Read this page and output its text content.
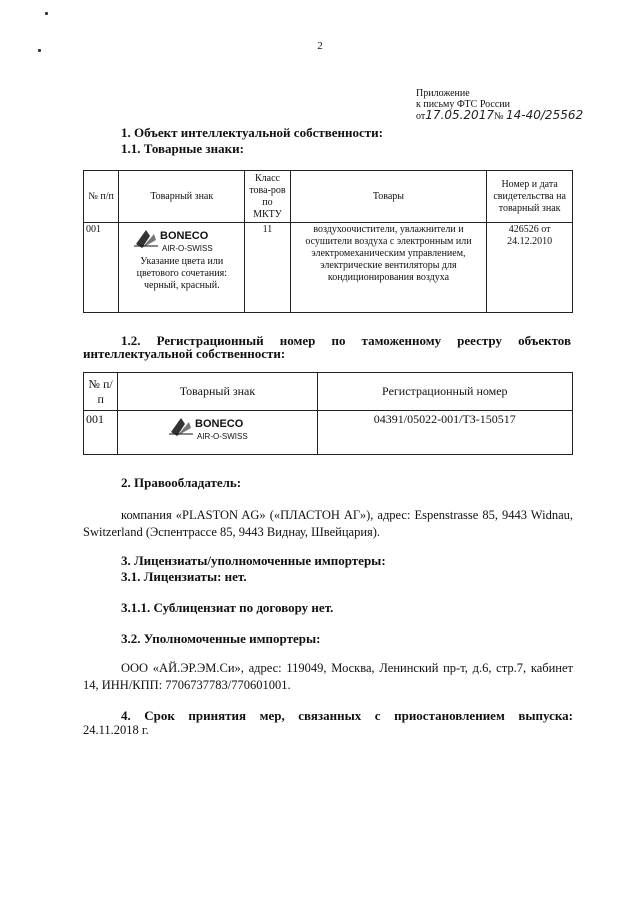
2
Приложение
к письму ФТС России
от17.05.2017№ 14-40/25562
1. Объект интеллектуальной собственности:
1.1. Товарные знаки:
№ п/п	Товарный знак	Класс това-ров по МКТУ	Товары	Номер и дата свидетельства на товарный знак
001	BONECO
AIR-O-SWISS
Указание цвета или цветового сочетания: черный, красный.	11	воздухоочистители, увлажнители и осушители воздуха с электронным или электромеханическим управлением, электрические вентиляторы для кондиционирования воздуха	426526 от 24.12.2010
1.2. Регистрационный номер по таможенному реестру объектов
интеллектуальной собственности:
№ п/п	Товарный знак	Регистрационный номер
001	BONECO
AIR-O-SWISS	04391/05022-001/ТЗ-150517
2. Правообладатель:
компания «PLASTON AG» («ПЛАСТОН АГ»), адрес: Espenstrasse 85, 9443 Widnau, Switzerland (Эспентрассе 85, 9443 Виднау, Швейцария).
3. Лицензиаты/уполномоченные импортеры:
3.1. Лицензиаты: нет.
3.1.1. Сублицензиат по договору нет.
3.2. Уполномоченные импортеры:
ООО «АЙ.ЭР.ЭМ.Си», адрес: 119049, Москва, Ленинский пр-т, д.6, стр.7, кабинет 14, ИНН/КПП: 7706737783/770601001.
4. Срок принятия мер, связанных с приостановлением выпуска:
24.11.2018 г.
